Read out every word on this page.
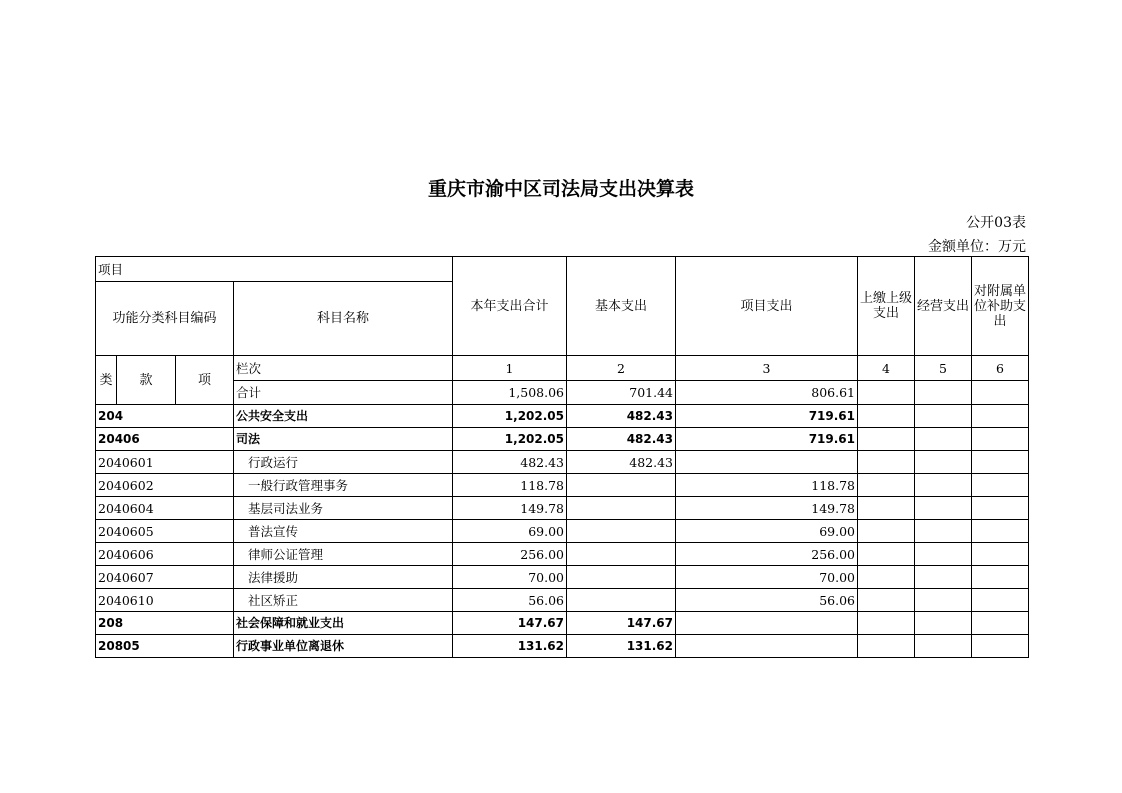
重庆市渝中区司法局支出决算表
公开03表
金额单位：万元
项目				本年支出合计	基本支出	项目支出	上缴上级支出	经营支出	对附属单位补助支出
功能分类科目编码			科目名称						
类	款	项	栏次	1	2	3	4	5	6
			合计	1,508.06	701.44	806.61			
204			公共安全支出	1,202.05	482.43	719.61			
20406			司法	1,202.05	482.43	719.61			
2040601			行政运行	482.43	482.43				
2040602			一般行政管理事务	118.78		118.78			
2040604			基层司法业务	149.78		149.78			
2040605			普法宣传	69.00		69.00			
2040606			律师公证管理	256.00		256.00			
2040607			法律援助	70.00		70.00			
2040610			社区矫正	56.06		56.06			
208			社会保障和就业支出	147.67	147.67				
20805			行政事业单位离退休	131.62	131.62				
